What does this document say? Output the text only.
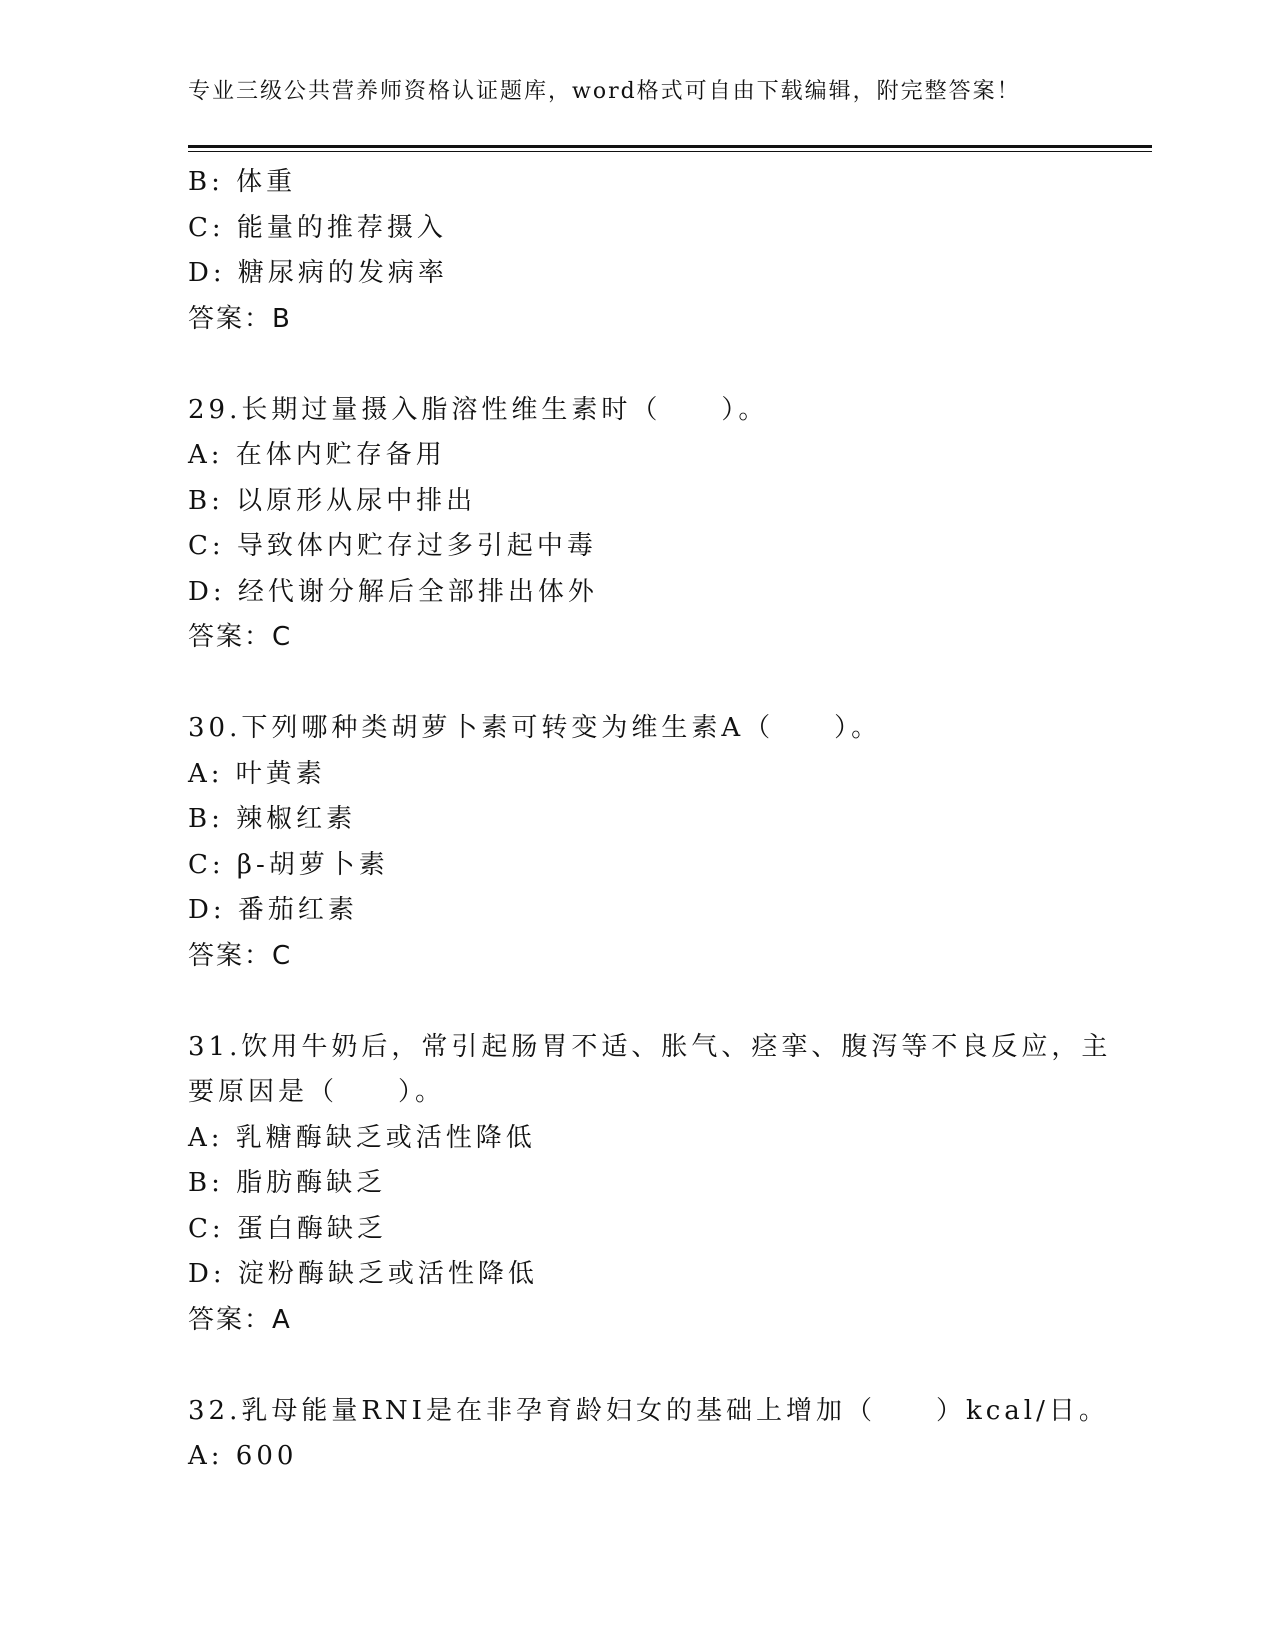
专业三级公共营养师资格认证题库，word格式可自由下载编辑，附完整答案！
B: 体重
C: 能量的推荐摄入
D: 糖尿病的发病率
答案：B
29.长期过量摄入脂溶性维生素时（　　）。
A: 在体内贮存备用
B: 以原形从尿中排出
C: 导致体内贮存过多引起中毒
D: 经代谢分解后全部排出体外
答案：C
30.下列哪种类胡萝卜素可转变为维生素A（　　）。
A: 叶黄素
B: 辣椒红素
C: β-胡萝卜素
D: 番茄红素
答案：C
31.饮用牛奶后，常引起肠胃不适、胀气、痉挛、腹泻等不良反应，主
要原因是（　　）。
A: 乳糖酶缺乏或活性降低
B: 脂肪酶缺乏
C: 蛋白酶缺乏
D: 淀粉酶缺乏或活性降低
答案：A
32.乳母能量RNI是在非孕育龄妇女的基础上增加（　　）kcal/日。
A: 600
